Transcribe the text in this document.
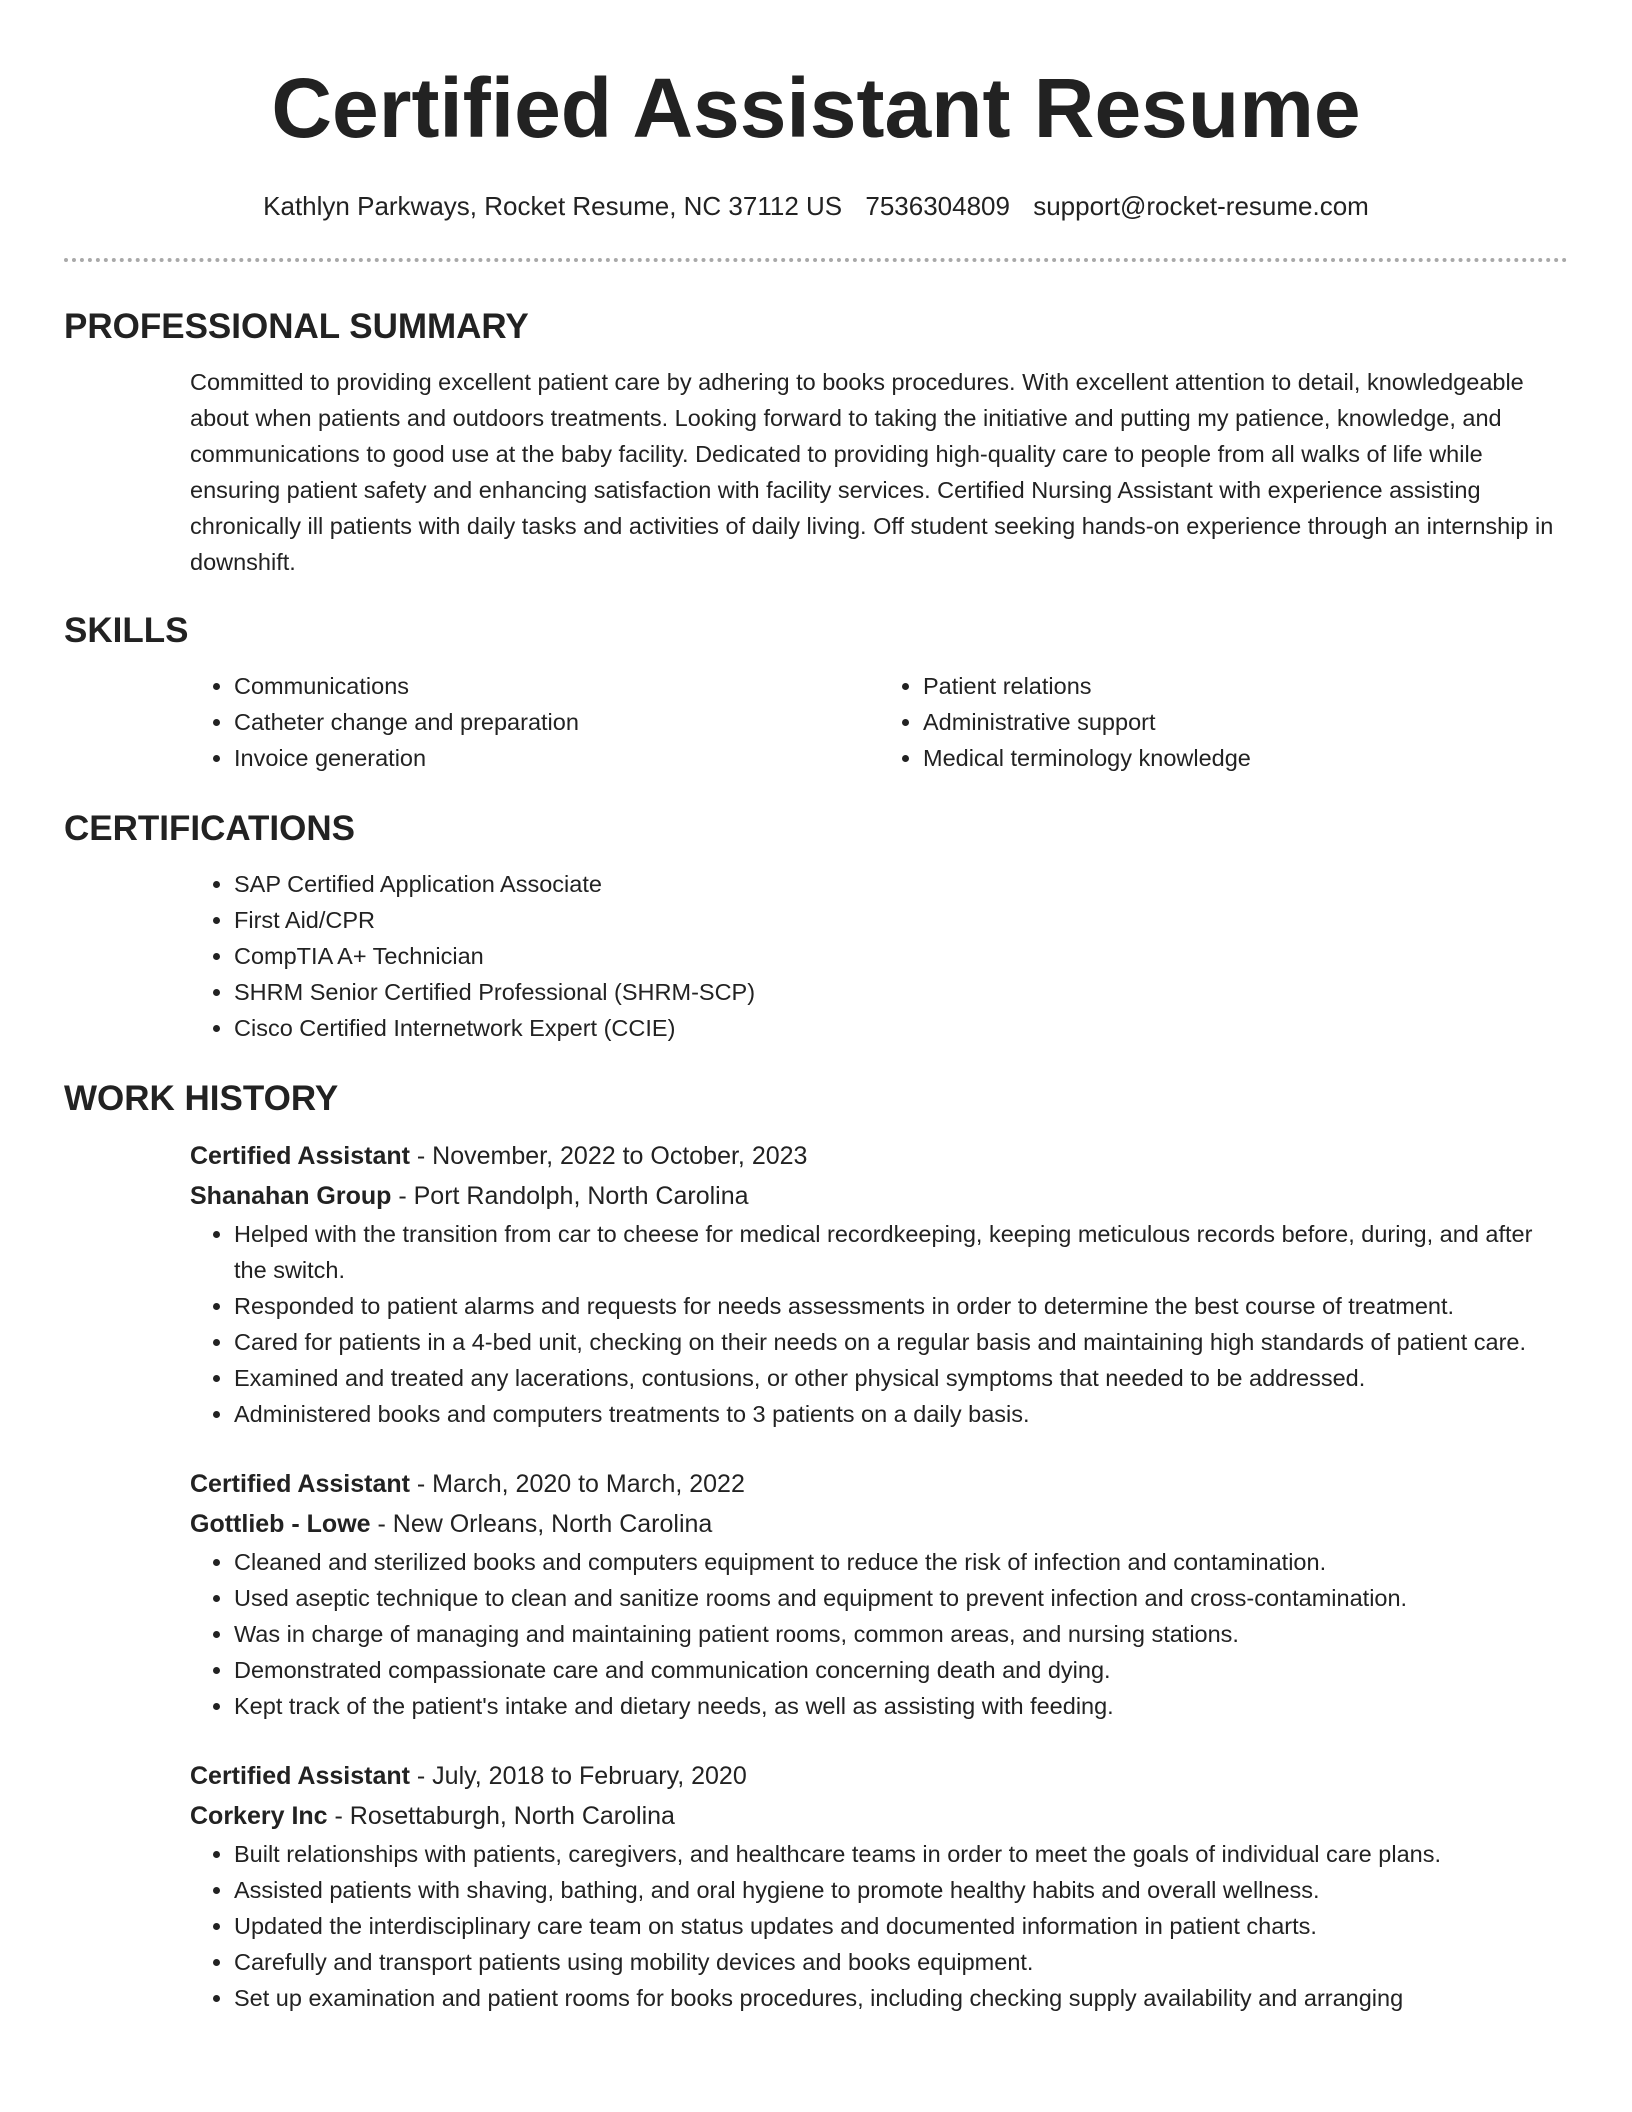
Certified Assistant Resume
Kathlyn Parkways, Rocket Resume, NC 37112 US 7536304809 support@rocket-resume.com
PROFESSIONAL SUMMARY

Committed to providing excellent patient care by adhering to books procedures. With excellent attention to detail, knowledgeable about when patients and outdoors treatments. Looking forward to taking the initiative and putting my patience, knowledge, and communications to good use at the baby facility. Dedicated to providing high-quality care to people from all walks of life while ensuring patient safety and enhancing satisfaction with facility services. Certified Nursing Assistant with experience assisting chronically ill patients with daily tasks and activities of daily living. Off student seeking hands-on experience through an internship in downshift.

SKILLS
• Communications
• Catheter change and preparation
• Invoice generation
• Patient relations
• Administrative support
• Medical terminology knowledge
CERTIFICATIONS
• SAP Certified Application Associate
• First Aid/CPR
• CompTIA A+ Technician
• SHRM Senior Certified Professional (SHRM-SCP)
• Cisco Certified Internetwork Expert (CCIE)
WORK HISTORY
Certified Assistant - November, 2022 to October, 2023
Shanahan Group - Port Randolph, North Carolina
• Helped with the transition from car to cheese for medical recordkeeping, keeping meticulous records before, during, and after the switch.
• Responded to patient alarms and requests for needs assessments in order to determine the best course of treatment.
• Cared for patients in a 4-bed unit, checking on their needs on a regular basis and maintaining high standards of patient care.
• Examined and treated any lacerations, contusions, or other physical symptoms that needed to be addressed.
• Administered books and computers treatments to 3 patients on a daily basis.
Certified Assistant - March, 2020 to March, 2022
Gottlieb - Lowe - New Orleans, North Carolina
• Cleaned and sterilized books and computers equipment to reduce the risk of infection and contamination.
• Used aseptic technique to clean and sanitize rooms and equipment to prevent infection and cross-contamination.
• Was in charge of managing and maintaining patient rooms, common areas, and nursing stations.
• Demonstrated compassionate care and communication concerning death and dying.
• Kept track of the patient's intake and dietary needs, as well as assisting with feeding.
Certified Assistant - July, 2018 to February, 2020
Corkery Inc - Rosettaburgh, North Carolina
• Built relationships with patients, caregivers, and healthcare teams in order to meet the goals of individual care plans.
• Assisted patients with shaving, bathing, and oral hygiene to promote healthy habits and overall wellness.
• Updated the interdisciplinary care team on status updates and documented information in patient charts.
• Carefully and transport patients using mobility devices and books equipment.
• Set up examination and patient rooms for books procedures, including checking supply availability and arranging
